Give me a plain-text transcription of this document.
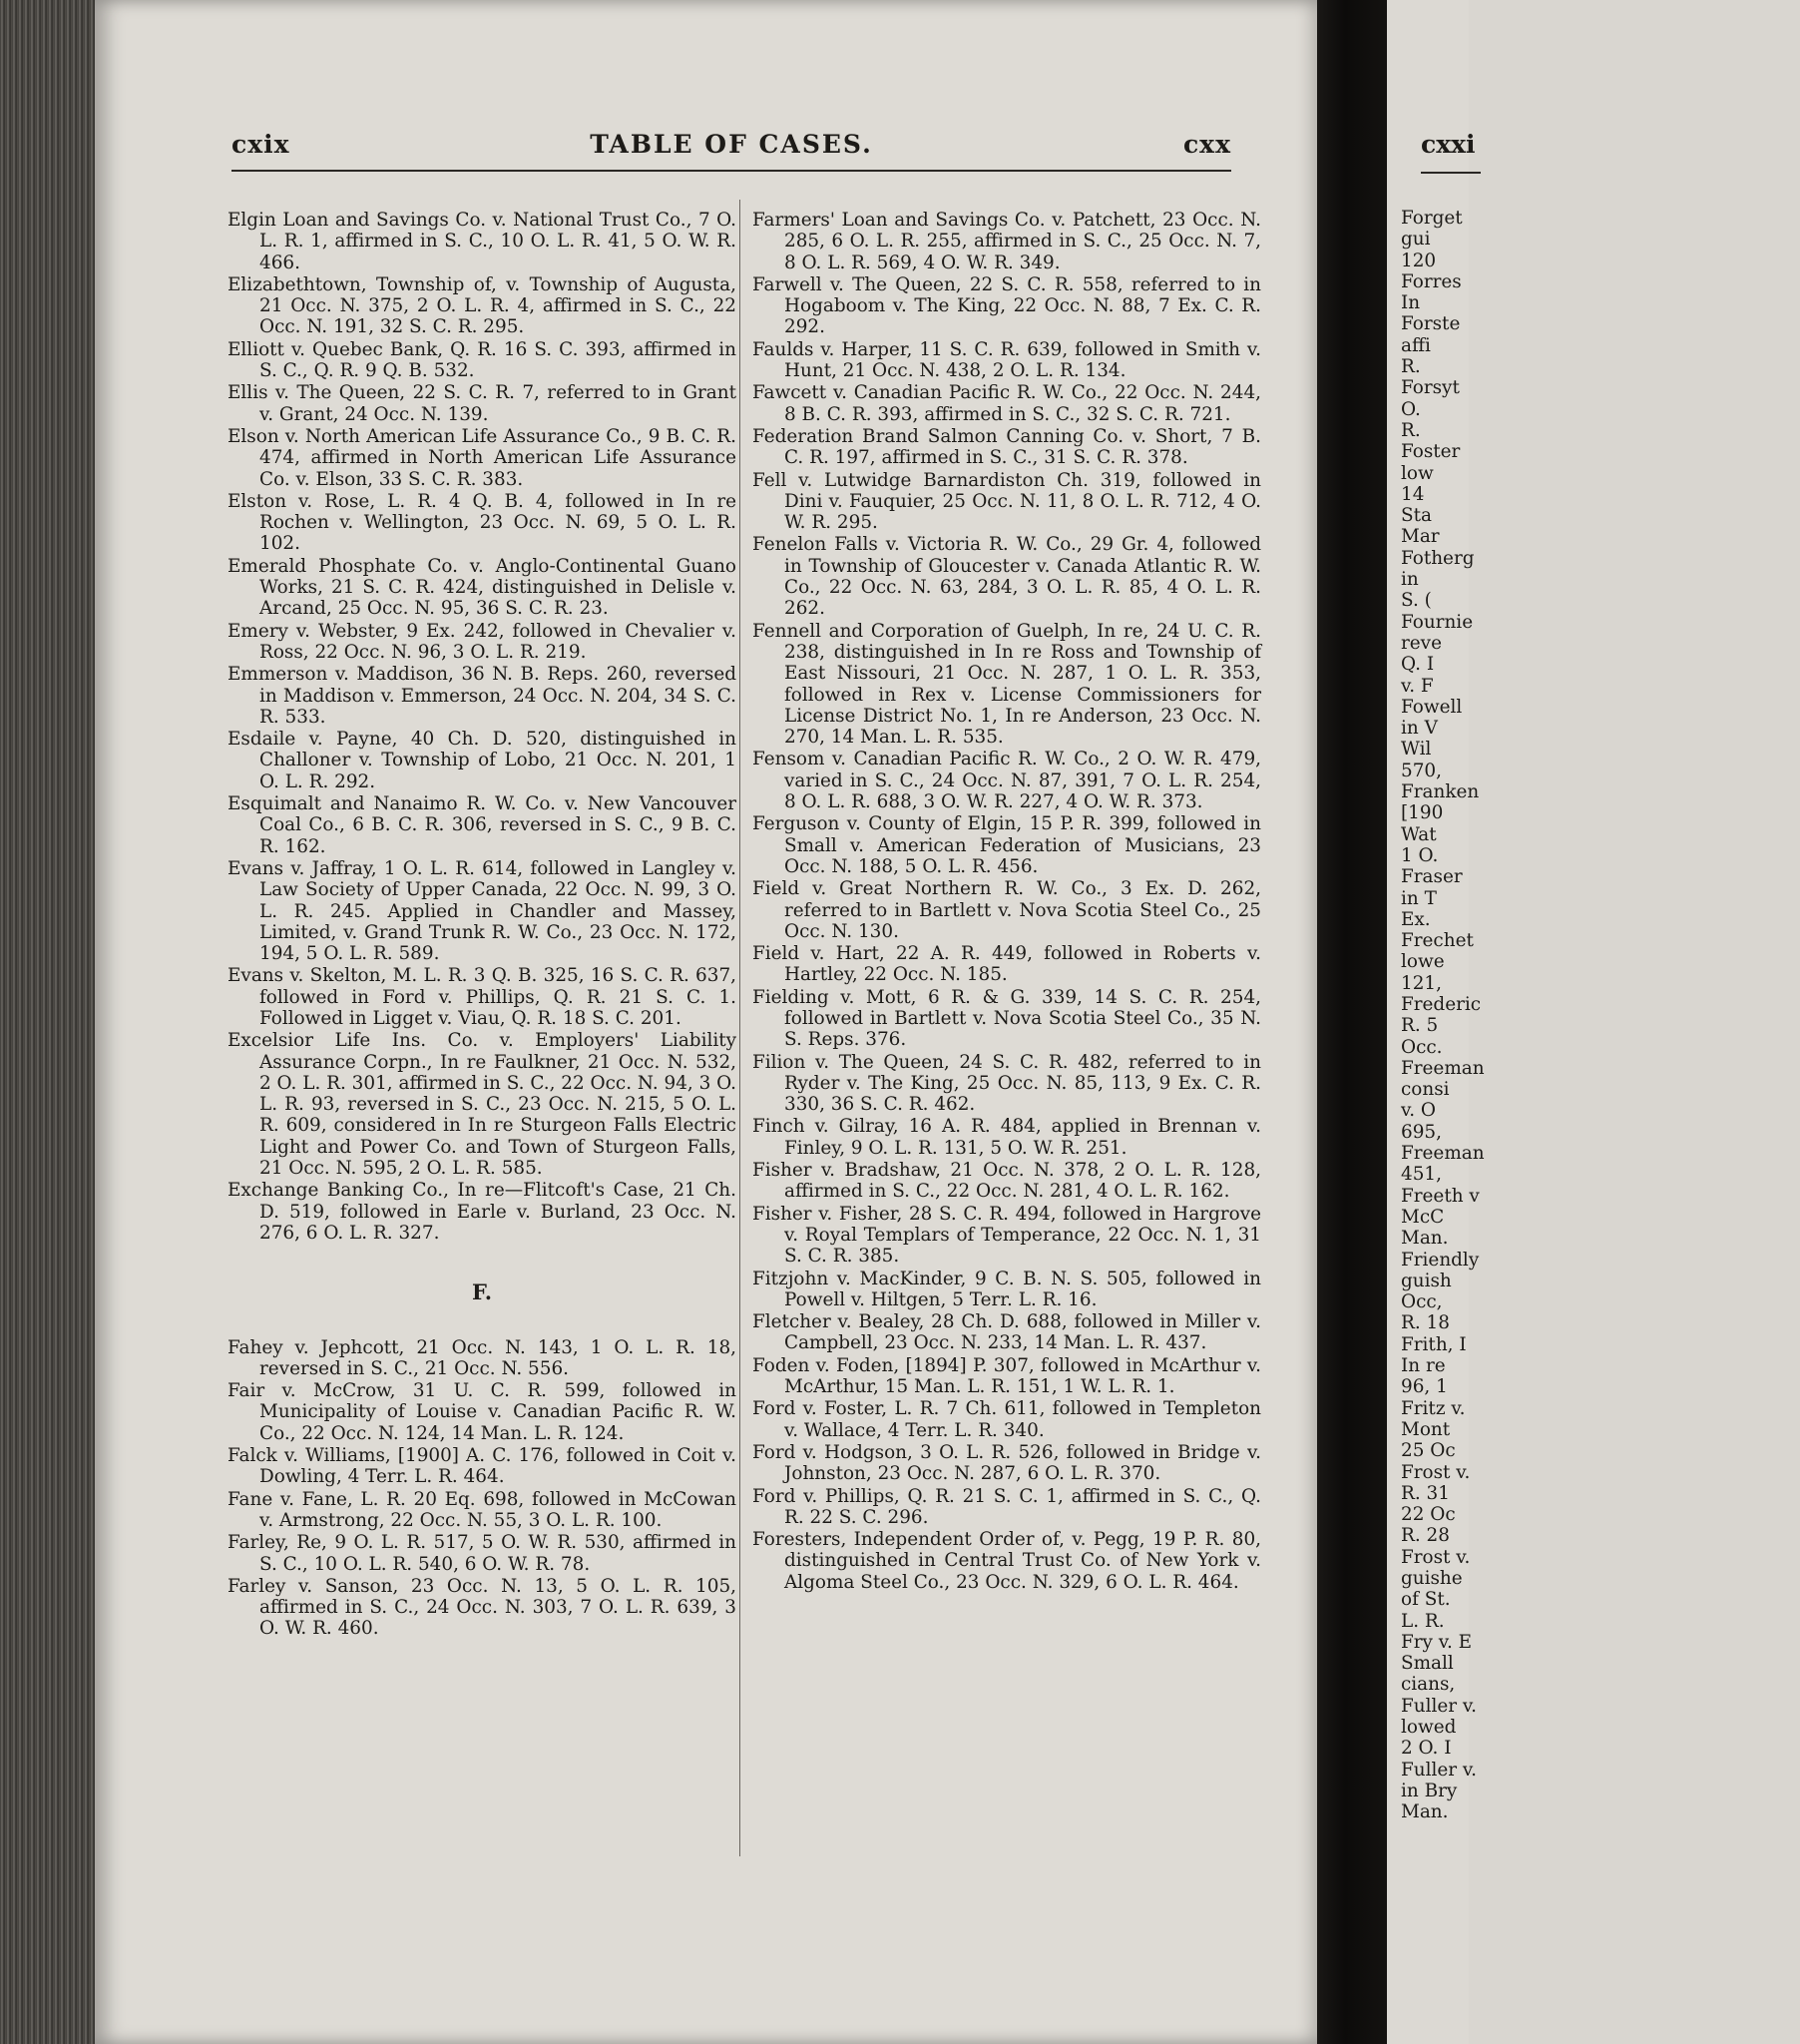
cxix	TABLE OF CASES.	cxx

Elgin Loan and Savings Co. v. National Trust Co., 7 O. L. R. 1, affirmed in S. C., 10 O. L. R. 41, 5 O. W. R. 466.

Elizabethtown, Township of, v. Township of Augusta, 21 Occ. N. 375, 2 O. L. R. 4, affirmed in S. C., 22 Occ. N. 191, 32 S. C. R. 295.

Elliott v. Quebec Bank, Q. R. 16 S. C. 393, affirmed in S. C., Q. R. 9 Q. B. 532.

Ellis v. The Queen, 22 S. C. R. 7, referred to in Grant v. Grant, 24 Occ. N. 139.

Elson v. North American Life Assurance Co., 9 B. C. R. 474, affirmed in North American Life Assurance Co. v. Elson, 33 S. C. R. 383.

Elston v. Rose, L. R. 4 Q. B. 4, followed in In re Rochen v. Wellington, 23 Occ. N. 69, 5 O. L. R. 102.

Emerald Phosphate Co. v. Anglo-Continental Guano Works, 21 S. C. R. 424, distinguished in Delisle v. Arcand, 25 Occ. N. 95, 36 S. C. R. 23.

Emery v. Webster, 9 Ex. 242, followed in Chevalier v. Ross, 22 Occ. N. 96, 3 O. L. R. 219.

Emmerson v. Maddison, 36 N. B. Reps. 260, reversed in Maddison v. Emmerson, 24 Occ. N. 204, 34 S. C. R. 533.

Esdaile v. Payne, 40 Ch. D. 520, distinguished in Challoner v. Township of Lobo, 21 Occ. N. 201, 1 O. L. R. 292.

Esquimalt and Nanaimo R. W. Co. v. New Vancouver Coal Co., 6 B. C. R. 306, reversed in S. C., 9 B. C. R. 162.

Evans v. Jaffray, 1 O. L. R. 614, followed in Langley v. Law Society of Upper Canada, 22 Occ. N. 99, 3 O. L. R. 245. Applied in Chandler and Massey, Limited, v. Grand Trunk R. W. Co., 23 Occ. N. 172, 194, 5 O. L. R. 589.

Evans v. Skelton, M. L. R. 3 Q. B. 325, 16 S. C. R. 637, followed in Ford v. Phillips, Q. R. 21 S. C. 1. Followed in Ligget v. Viau, Q. R. 18 S. C. 201.

Excelsior Life Ins. Co. v. Employers' Liability Assurance Corpn., In re Faulkner, 21 Occ. N. 532, 2 O. L. R. 301, affirmed in S. C., 22 Occ. N. 94, 3 O. L. R. 93, reversed in S. C., 23 Occ. N. 215, 5 O. L. R. 609, considered in In re Sturgeon Falls Electric Light and Power Co. and Town of Sturgeon Falls, 21 Occ. N. 595, 2 O. L. R. 585.

Exchange Banking Co., In re—Flitcoft's Case, 21 Ch. D. 519, followed in Earle v. Burland, 23 Occ. N. 276, 6 O. L. R. 327.

F.

Fahey v. Jephcott, 21 Occ. N. 143, 1 O. L. R. 18, reversed in S. C., 21 Occ. N. 556.

Fair v. McCrow, 31 U. C. R. 599, followed in Municipality of Louise v. Canadian Pacific R. W. Co., 22 Occ. N. 124, 14 Man. L. R. 124.

Falck v. Williams, [1900] A. C. 176, followed in Coit v. Dowling, 4 Terr. L. R. 464.

Fane v. Fane, L. R. 20 Eq. 698, followed in McCowan v. Armstrong, 22 Occ. N. 55, 3 O. L. R. 100.

Farley, Re, 9 O. L. R. 517, 5 O. W. R. 530, affirmed in S. C., 10 O. L. R. 540, 6 O. W. R. 78.

Farley v. Sanson, 23 Occ. N. 13, 5 O. L. R. 105, affirmed in S. C., 24 Occ. N. 303, 7 O. L. R. 639, 3 O. W. R. 460.

Farmers' Loan and Savings Co. v. Patchett, 23 Occ. N. 285, 6 O. L. R. 255, affirmed in S. C., 25 Occ. N. 7, 8 O. L. R. 569, 4 O. W. R. 349.

Farwell v. The Queen, 22 S. C. R. 558, referred to in Hogaboom v. The King, 22 Occ. N. 88, 7 Ex. C. R. 292.

Faulds v. Harper, 11 S. C. R. 639, followed in Smith v. Hunt, 21 Occ. N. 438, 2 O. L. R. 134.

Fawcett v. Canadian Pacific R. W. Co., 22 Occ. N. 244, 8 B. C. R. 393, affirmed in S. C., 32 S. C. R. 721.

Federation Brand Salmon Canning Co. v. Short, 7 B. C. R. 197, affirmed in S. C., 31 S. C. R. 378.

Fell v. Lutwidge Barnardiston Ch. 319, followed in Dini v. Fauquier, 25 Occ. N. 11, 8 O. L. R. 712, 4 O. W. R. 295.

Fenelon Falls v. Victoria R. W. Co., 29 Gr. 4, followed in Township of Gloucester v. Canada Atlantic R. W. Co., 22 Occ. N. 63, 284, 3 O. L. R. 85, 4 O. L. R. 262.

Fennell and Corporation of Guelph, In re, 24 U. C. R. 238, distinguished in In re Ross and Township of East Nissouri, 21 Occ. N. 287, 1 O. L. R. 353, followed in Rex v. License Commissioners for License District No. 1, In re Anderson, 23 Occ. N. 270, 14 Man. L. R. 535.

Fensom v. Canadian Pacific R. W. Co., 2 O. W. R. 479, varied in S. C., 24 Occ. N. 87, 391, 7 O. L. R. 254, 8 O. L. R. 688, 3 O. W. R. 227, 4 O. W. R. 373.

Ferguson v. County of Elgin, 15 P. R. 399, followed in Small v. American Federation of Musicians, 23 Occ. N. 188, 5 O. L. R. 456.

Field v. Great Northern R. W. Co., 3 Ex. D. 262, referred to in Bartlett v. Nova Scotia Steel Co., 25 Occ. N. 130.

Field v. Hart, 22 A. R. 449, followed in Roberts v. Hartley, 22 Occ. N. 185.

Fielding v. Mott, 6 R. & G. 339, 14 S. C. R. 254, followed in Bartlett v. Nova Scotia Steel Co., 35 N. S. Reps. 376.

Filion v. The Queen, 24 S. C. R. 482, referred to in Ryder v. The King, 25 Occ. N. 85, 113, 9 Ex. C. R. 330, 36 S. C. R. 462.

Finch v. Gilray, 16 A. R. 484, applied in Brennan v. Finley, 9 O. L. R. 131, 5 O. W. R. 251.

Fisher v. Bradshaw, 21 Occ. N. 378, 2 O. L. R. 128, affirmed in S. C., 22 Occ. N. 281, 4 O. L. R. 162.

Fisher v. Fisher, 28 S. C. R. 494, followed in Hargrove v. Royal Templars of Temperance, 22 Occ. N. 1, 31 S. C. R. 385.

Fitzjohn v. MacKinder, 9 C. B. N. S. 505, followed in Powell v. Hiltgen, 5 Terr. L. R. 16.

Fletcher v. Bealey, 28 Ch. D. 688, followed in Miller v. Campbell, 23 Occ. N. 233, 14 Man. L. R. 437.

Foden v. Foden, [1894] P. 307, followed in McArthur v. McArthur, 15 Man. L. R. 151, 1 W. L. R. 1.

Ford v. Foster, L. R. 7 Ch. 611, followed in Templeton v. Wallace, 4 Terr. L. R. 340.

Ford v. Hodgson, 3 O. L. R. 526, followed in Bridge v. Johnston, 23 Occ. N. 287, 6 O. L. R. 370.

Ford v. Phillips, Q. R. 21 S. C. 1, affirmed in S. C., Q. R. 22 S. C. 296.

Foresters, Independent Order of, v. Pegg, 19 P. R. 80, distinguished in Central Trust Co. of New York v. Algoma Steel Co., 23 Occ. N. 329, 6 O. L. R. 464.

cxxi
Forget
gui
120
Forres
In
Forste
affi
R.
Forsyt
O.
R.
Foster
low
14
Sta
Mar
Fotherg
in
S. (
Fournie
reve
Q. I
v. F
Fowell
in V
Wil
570,
Franken
[190
Wat
1 O.
Fraser
in T
Ex.
Frechet
lowe
121,
Frederic
R. 5
Occ.
Freeman
consi
v. O
695,
Freeman
451,
Freeth v
McC
Man.
Friendly
guish
Occ,
R. 18
Frith, I
In re
96, 1
Fritz v.
Mont
25 Oc
Frost v.
R. 31
22 Oc
R. 28
Frost v.
guishe
of St.
L. R.
Fry v. E
Small
cians,
Fuller v.
lowed
2 O. I
Fuller v.
in Bry
Man.
